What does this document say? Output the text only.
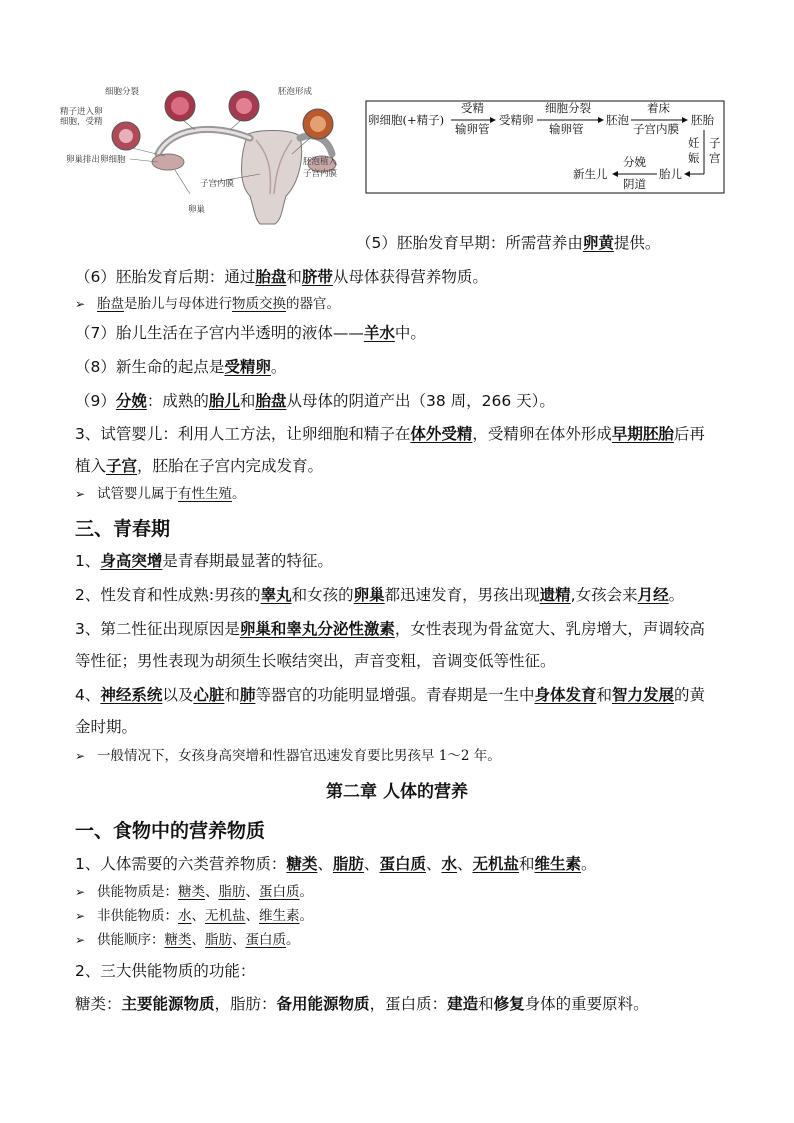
细胞分裂	胚泡形成
精子进入卵
细胞，受精
卵巢排出卵细胞
子宫内膜
卵巢
胚泡植入
子宫内膜
卵细胞(+精子)
受精
输卵管
受精卵
细胞分裂
输卵管
胚泡
着床
子宫内膜
胚胎
妊
娠
子
宫
胎儿
分娩
阴道
新生儿
（5）胚胎发育早期：所需营养由卵黄提供。
（6）胚胎发育后期：通过胎盘和脐带从母体获得营养物质。
➢ 胎盘是胎儿与母体进行物质交换的器官。
（7）胎儿生活在子宫内半透明的液体——羊水中。
（8）新生命的起点是受精卵。
（9）分娩：成熟的胎儿和胎盘从母体的阴道产出（38 周，266 天）。
3、试管婴儿：利用人工方法，让卵细胞和精子在体外受精，受精卵在体外形成早期胚胎后再
植入子宫，胚胎在子宫内完成发育。
➢ 试管婴儿属于有性生殖。
三、青春期
1、身高突增是青春期最显著的特征。
2、性发育和性成熟:男孩的睾丸和女孩的卵巢都迅速发育，男孩出现遗精,女孩会来月经。
3、第二性征出现原因是卵巢和睾丸分泌性激素，女性表现为骨盆宽大、乳房增大，声调较高
等性征；男性表现为胡须生长喉结突出，声音变粗，音调变低等性征。
4、神经系统以及心脏和肺等器官的功能明显增强。青春期是一生中身体发育和智力发展的黄
金时期。
➢ 一般情况下，女孩身高突增和性器官迅速发育要比男孩早 1～2 年。
第二章 人体的营养
一、食物中的营养物质
1、人体需要的六类营养物质：糖类、脂肪、蛋白质、水、无机盐和维生素。
➢ 供能物质是：糖类、脂肪、蛋白质。
➢ 非供能物质：水、无机盐、维生素。
➢ 供能顺序：糖类、脂肪、蛋白质。
2、三大供能物质的功能：
糖类：主要能源物质，脂肪：备用能源物质，蛋白质：建造和修复身体的重要原料。
